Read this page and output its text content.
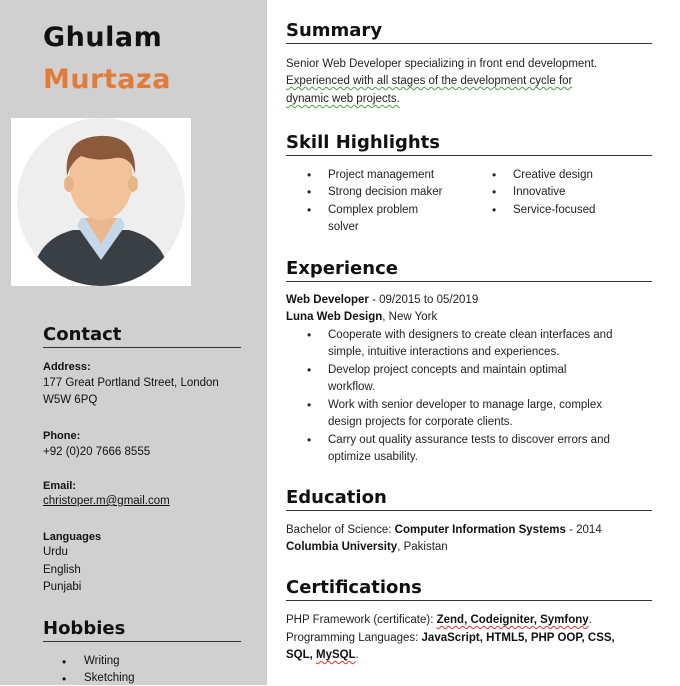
Ghulam
Murtaza
Contact
Address:
177 Great Portland Street, London
W5W 6PQ
Phone:
+92 (0)20 7666 8555
Email:
christoper.m@gmail.com
Languages
Urdu
English
Punjabi
Hobbies
• Writing
• Sketching
Summary
Senior Web Developer specializing in front end development.
Experienced with all stages of the development cycle for
dynamic web projects.
Skill Highlights
• Project management
• Strong decision maker
• Complex problem
solver
• Creative design
• Innovative
• Service-focused
Experience
Web Developer - 09/2015 to 05/2019
Luna Web Design, New York
• Cooperate with designers to create clean interfaces and
simple, intuitive interactions and experiences.
• Develop project concepts and maintain optimal
workflow.
• Work with senior developer to manage large, complex
design projects for corporate clients.
• Carry out quality assurance tests to discover errors and
optimize usability.
Education
Bachelor of Science: Computer Information Systems - 2014
Columbia University, Pakistan
Certifications
PHP Framework (certificate): Zend, Codeigniter, Symfony.
Programming Languages: JavaScript, HTML5, PHP OOP, CSS,
SQL, MySQL.
